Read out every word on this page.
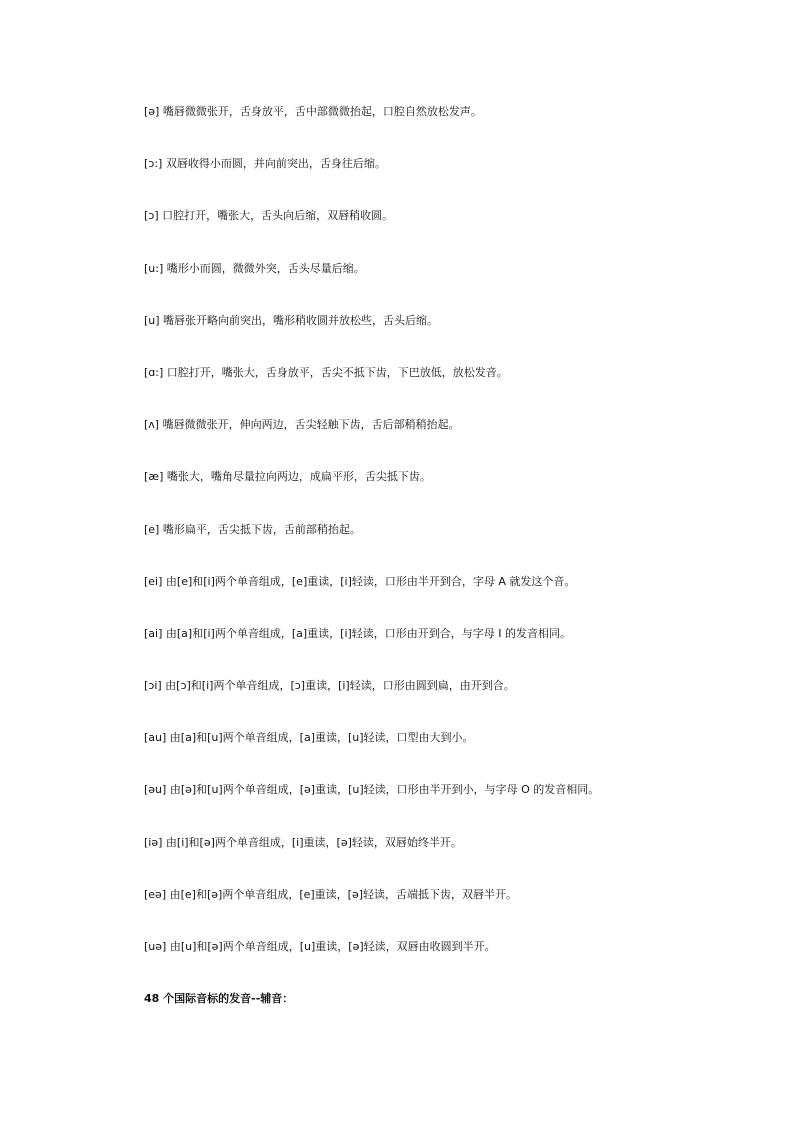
[ə] 嘴唇微微张开，舌身放平，舌中部微微抬起，口腔自然放松发声。

[ɔ:] 双唇收得小而圆，并向前突出，舌身往后缩。

[ɔ] 口腔打开，嘴张大，舌头向后缩，双唇稍收圆。

[u:] 嘴形小而圆，微微外突，舌头尽量后缩。

[u] 嘴唇张开略向前突出，嘴形稍收圆并放松些，舌头后缩。

[ɑ:] 口腔打开，嘴张大，舌身放平，舌尖不抵下齿，下巴放低，放松发音。

[ʌ] 嘴唇微微张开，伸向两边，舌尖轻触下齿，舌后部稍稍抬起。

[æ] 嘴张大，嘴角尽量拉向两边，成扁平形，舌尖抵下齿。

[e] 嘴形扁平，舌尖抵下齿，舌前部稍抬起。

[ei] 由[e]和[i]两个单音组成，[e]重读，[i]轻读，口形由半开到合，字母 A 就发这个音。

[ai] 由[a]和[i]两个单音组成，[a]重读，[i]轻读，口形由开到合，与字母 I 的发音相同。

[ɔi] 由[ɔ]和[i]两个单音组成，[ɔ]重读，[i]轻读，口形由圆到扁，由开到合。

[au] 由[a]和[u]两个单音组成，[a]重读，[u]轻读，口型由大到小。

[əu] 由[ə]和[u]两个单音组成，[ə]重读，[u]轻读，口形由半开到小，与字母 O 的发音相同。

[iə] 由[i]和[ə]两个单音组成，[i]重读，[ə]轻读，双唇始终半开。

[eə] 由[e]和[ə]两个单音组成，[e]重读，[ə]轻读，舌端抵下齿，双唇半开。

[uə] 由[u]和[ə]两个单音组成，[u]重读，[ə]轻读，双唇由收圆到半开。

48 个国际音标的发音--辅音：
